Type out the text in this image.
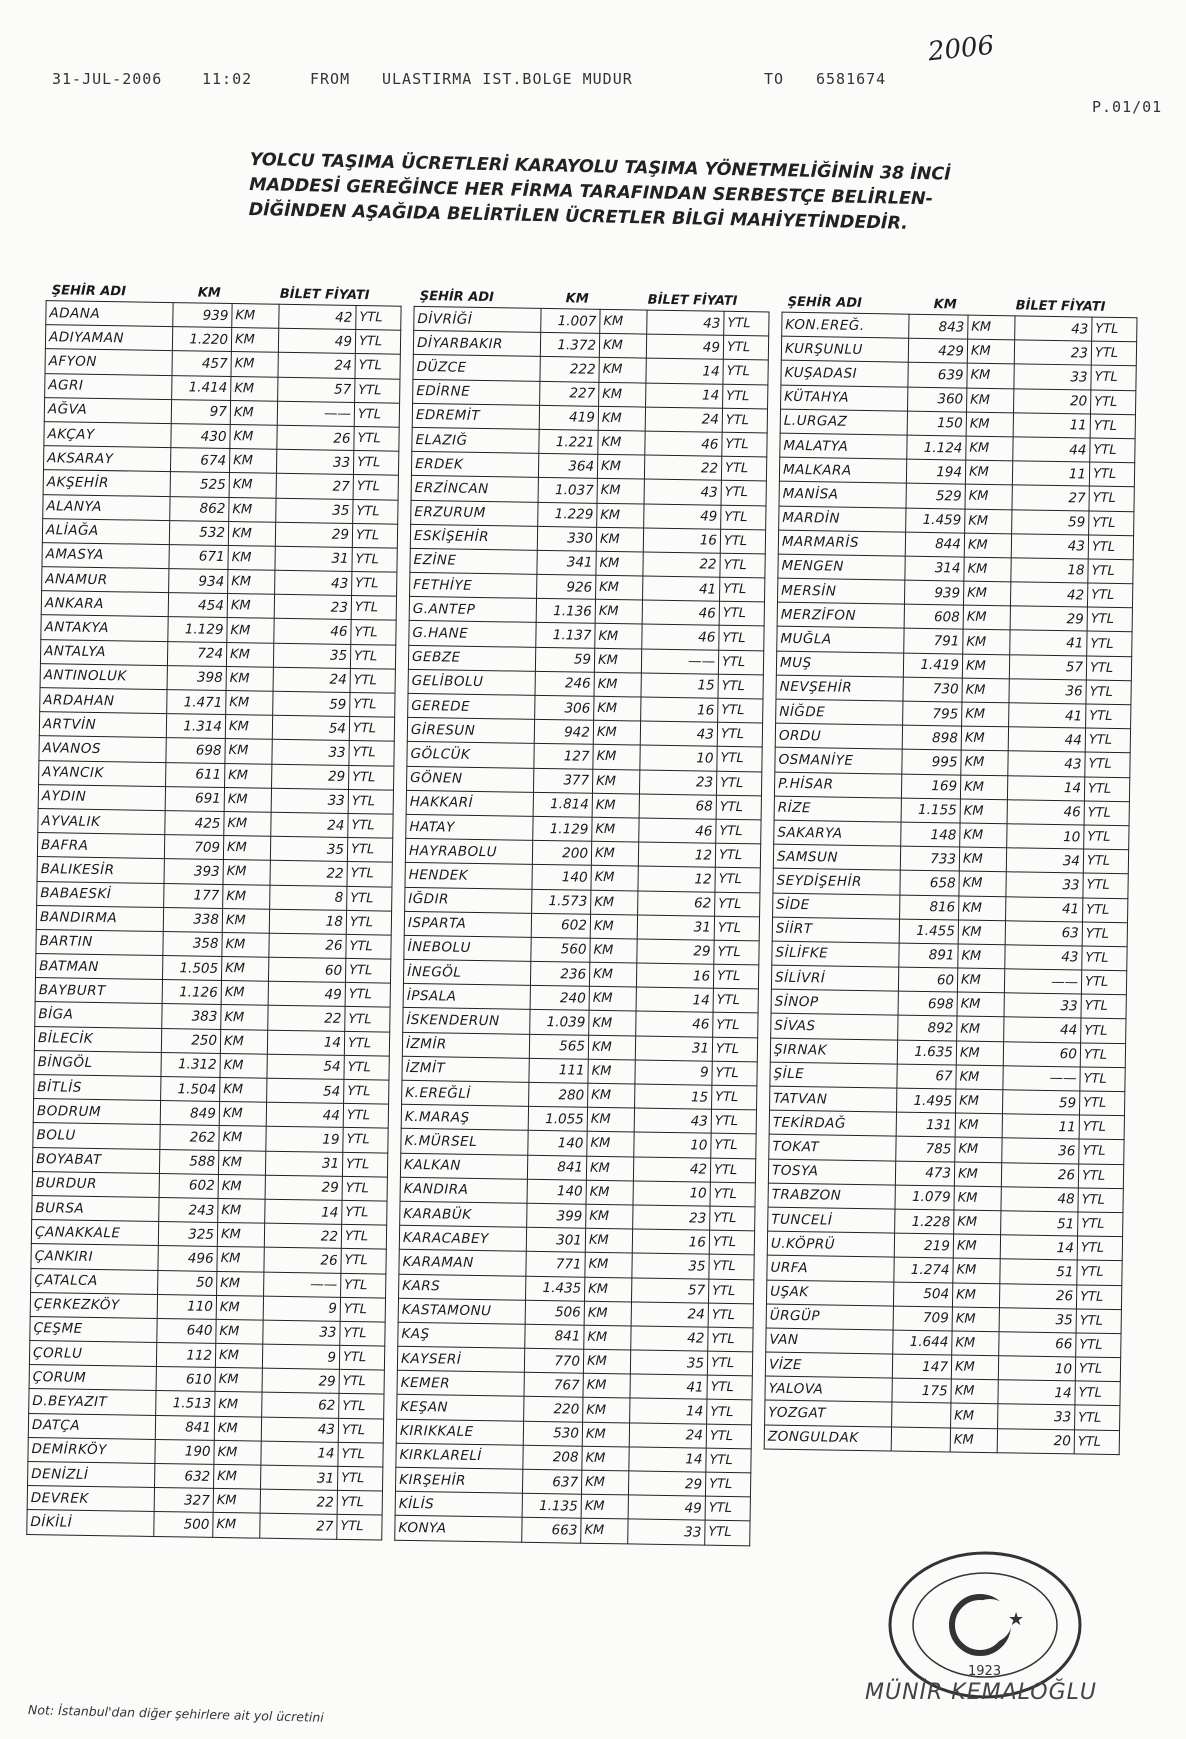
31-JUL-2006	11:02	FROM ULASTIRMA IST.BOLGE MUDUR	TO 6581674
P.01/01
2006
YOLCU TAŞIMA ÜCRETLERİ KARAYOLU TAŞIMA YÖNETMELİĞİNİN 38 İNCİ
MADDESİ GEREĞİNCE HER FİRMA TARAFINDAN SERBESTÇE BELİRLEN-
DİĞİNDEN AŞAĞIDA BELİRTİLEN ÜCRETLER BİLGİ MAHİYETİNDEDİR.
ŞEHİR ADI	KM	BİLET FİYATI
ADANA	939	KM	42	YTL
ADIYAMAN	1.220	KM	49	YTL
AFYON	457	KM	24	YTL
AGRI	1.414	KM	57	YTL
AĞVA	97	KM	——	YTL
AKÇAY	430	KM	26	YTL
AKSARAY	674	KM	33	YTL
AKŞEHİR	525	KM	27	YTL
ALANYA	862	KM	35	YTL
ALİAĞA	532	KM	29	YTL
AMASYA	671	KM	31	YTL
ANAMUR	934	KM	43	YTL
ANKARA	454	KM	23	YTL
ANTAKYA	1.129	KM	46	YTL
ANTALYA	724	KM	35	YTL
ANTINOLUK	398	KM	24	YTL
ARDAHAN	1.471	KM	59	YTL
ARTVİN	1.314	KM	54	YTL
AVANOS	698	KM	33	YTL
AYANCIK	611	KM	29	YTL
AYDIN	691	KM	33	YTL
AYVALIK	425	KM	24	YTL
BAFRA	709	KM	35	YTL
BALIKESİR	393	KM	22	YTL
BABAESKİ	177	KM	8	YTL
BANDIRMA	338	KM	18	YTL
BARTIN	358	KM	26	YTL
BATMAN	1.505	KM	60	YTL
BAYBURT	1.126	KM	49	YTL
BİGA	383	KM	22	YTL
BİLECİK	250	KM	14	YTL
BİNGÖL	1.312	KM	54	YTL
BİTLİS	1.504	KM	54	YTL
BODRUM	849	KM	44	YTL
BOLU	262	KM	19	YTL
BOYABAT	588	KM	31	YTL
BURDUR	602	KM	29	YTL
BURSA	243	KM	14	YTL
ÇANAKKALE	325	KM	22	YTL
ÇANKIRI	496	KM	26	YTL
ÇATALCA	50	KM	——	YTL
ÇERKEZKÖY	110	KM	9	YTL
ÇEŞME	640	KM	33	YTL
ÇORLU	112	KM	9	YTL
ÇORUM	610	KM	29	YTL
D.BEYAZIT	1.513	KM	62	YTL
DATÇA	841	KM	43	YTL
DEMİRKÖY	190	KM	14	YTL
DENİZLİ	632	KM	31	YTL
DEVREK	327	KM	22	YTL
DİKİLİ	500	KM	27	YTL
ŞEHİR ADI	KM	BİLET FİYATI
DİVRİĞİ	1.007	KM	43	YTL
DİYARBAKIR	1.372	KM	49	YTL
DÜZCE	222	KM	14	YTL
EDİRNE	227	KM	14	YTL
EDREMİT	419	KM	24	YTL
ELAZIĞ	1.221	KM	46	YTL
ERDEK	364	KM	22	YTL
ERZİNCAN	1.037	KM	43	YTL
ERZURUM	1.229	KM	49	YTL
ESKİŞEHİR	330	KM	16	YTL
EZİNE	341	KM	22	YTL
FETHİYE	926	KM	41	YTL
G.ANTEP	1.136	KM	46	YTL
G.HANE	1.137	KM	46	YTL
GEBZE	59	KM	——	YTL
GELİBOLU	246	KM	15	YTL
GEREDE	306	KM	16	YTL
GİRESUN	942	KM	43	YTL
GÖLCÜK	127	KM	10	YTL
GÖNEN	377	KM	23	YTL
HAKKARİ	1.814	KM	68	YTL
HATAY	1.129	KM	46	YTL
HAYRABOLU	200	KM	12	YTL
HENDEK	140	KM	12	YTL
IĞDIR	1.573	KM	62	YTL
ISPARTA	602	KM	31	YTL
İNEBOLU	560	KM	29	YTL
İNEGÖL	236	KM	16	YTL
İPSALA	240	KM	14	YTL
İSKENDERUN	1.039	KM	46	YTL
İZMİR	565	KM	31	YTL
İZMİT	111	KM	9	YTL
K.EREĞLİ	280	KM	15	YTL
K.MARAŞ	1.055	KM	43	YTL
K.MÜRSEL	140	KM	10	YTL
KALKAN	841	KM	42	YTL
KANDIRA	140	KM	10	YTL
KARABÜK	399	KM	23	YTL
KARACABEY	301	KM	16	YTL
KARAMAN	771	KM	35	YTL
KARS	1.435	KM	57	YTL
KASTAMONU	506	KM	24	YTL
KAŞ	841	KM	42	YTL
KAYSERİ	770	KM	35	YTL
KEMER	767	KM	41	YTL
KEŞAN	220	KM	14	YTL
KIRIKKALE	530	KM	24	YTL
KIRKLARELİ	208	KM	14	YTL
KIRŞEHİR	637	KM	29	YTL
KİLİS	1.135	KM	49	YTL
KONYA	663	KM	33	YTL
ŞEHİR ADI	KM	BİLET FİYATI
KON.EREĞ.	843	KM	43	YTL
KURŞUNLU	429	KM	23	YTL
KUŞADASI	639	KM	33	YTL
KÜTAHYA	360	KM	20	YTL
L.URGAZ	150	KM	11	YTL
MALATYA	1.124	KM	44	YTL
MALKARA	194	KM	11	YTL
MANİSA	529	KM	27	YTL
MARDİN	1.459	KM	59	YTL
MARMARİS	844	KM	43	YTL
MENGEN	314	KM	18	YTL
MERSİN	939	KM	42	YTL
MERZİFON	608	KM	29	YTL
MUĞLA	791	KM	41	YTL
MUŞ	1.419	KM	57	YTL
NEVŞEHİR	730	KM	36	YTL
NİĞDE	795	KM	41	YTL
ORDU	898	KM	44	YTL
OSMANİYE	995	KM	43	YTL
P.HİSAR	169	KM	14	YTL
RİZE	1.155	KM	46	YTL
SAKARYA	148	KM	10	YTL
SAMSUN	733	KM	34	YTL
SEYDİŞEHİR	658	KM	33	YTL
SİDE	816	KM	41	YTL
SİİRT	1.455	KM	63	YTL
SİLİFKE	891	KM	43	YTL
SİLİVRİ	60	KM	——	YTL
SİNOP	698	KM	33	YTL
SİVAS	892	KM	44	YTL
ŞIRNAK	1.635	KM	60	YTL
ŞİLE	67	KM	——	YTL
TATVAN	1.495	KM	59	YTL
TEKİRDAĞ	131	KM	11	YTL
TOKAT	785	KM	36	YTL
TOSYA	473	KM	26	YTL
TRABZON	1.079	KM	48	YTL
TUNCELİ	1.228	KM	51	YTL
U.KÖPRÜ	219	KM	14	YTL
URFA	1.274	KM	51	YTL
UŞAK	504	KM	26	YTL
ÜRGÜP	709	KM	35	YTL
VAN	1.644	KM	66	YTL
VİZE	147	KM	10	YTL
YALOVA	175	KM	14	YTL
YOZGAT		KM	33	YTL
ZONGULDAK		KM	20	YTL
★
1923
MÜNİR KEMALOĞLU
Not: İstanbul'dan diğer şehirlere ait yol ücretini
